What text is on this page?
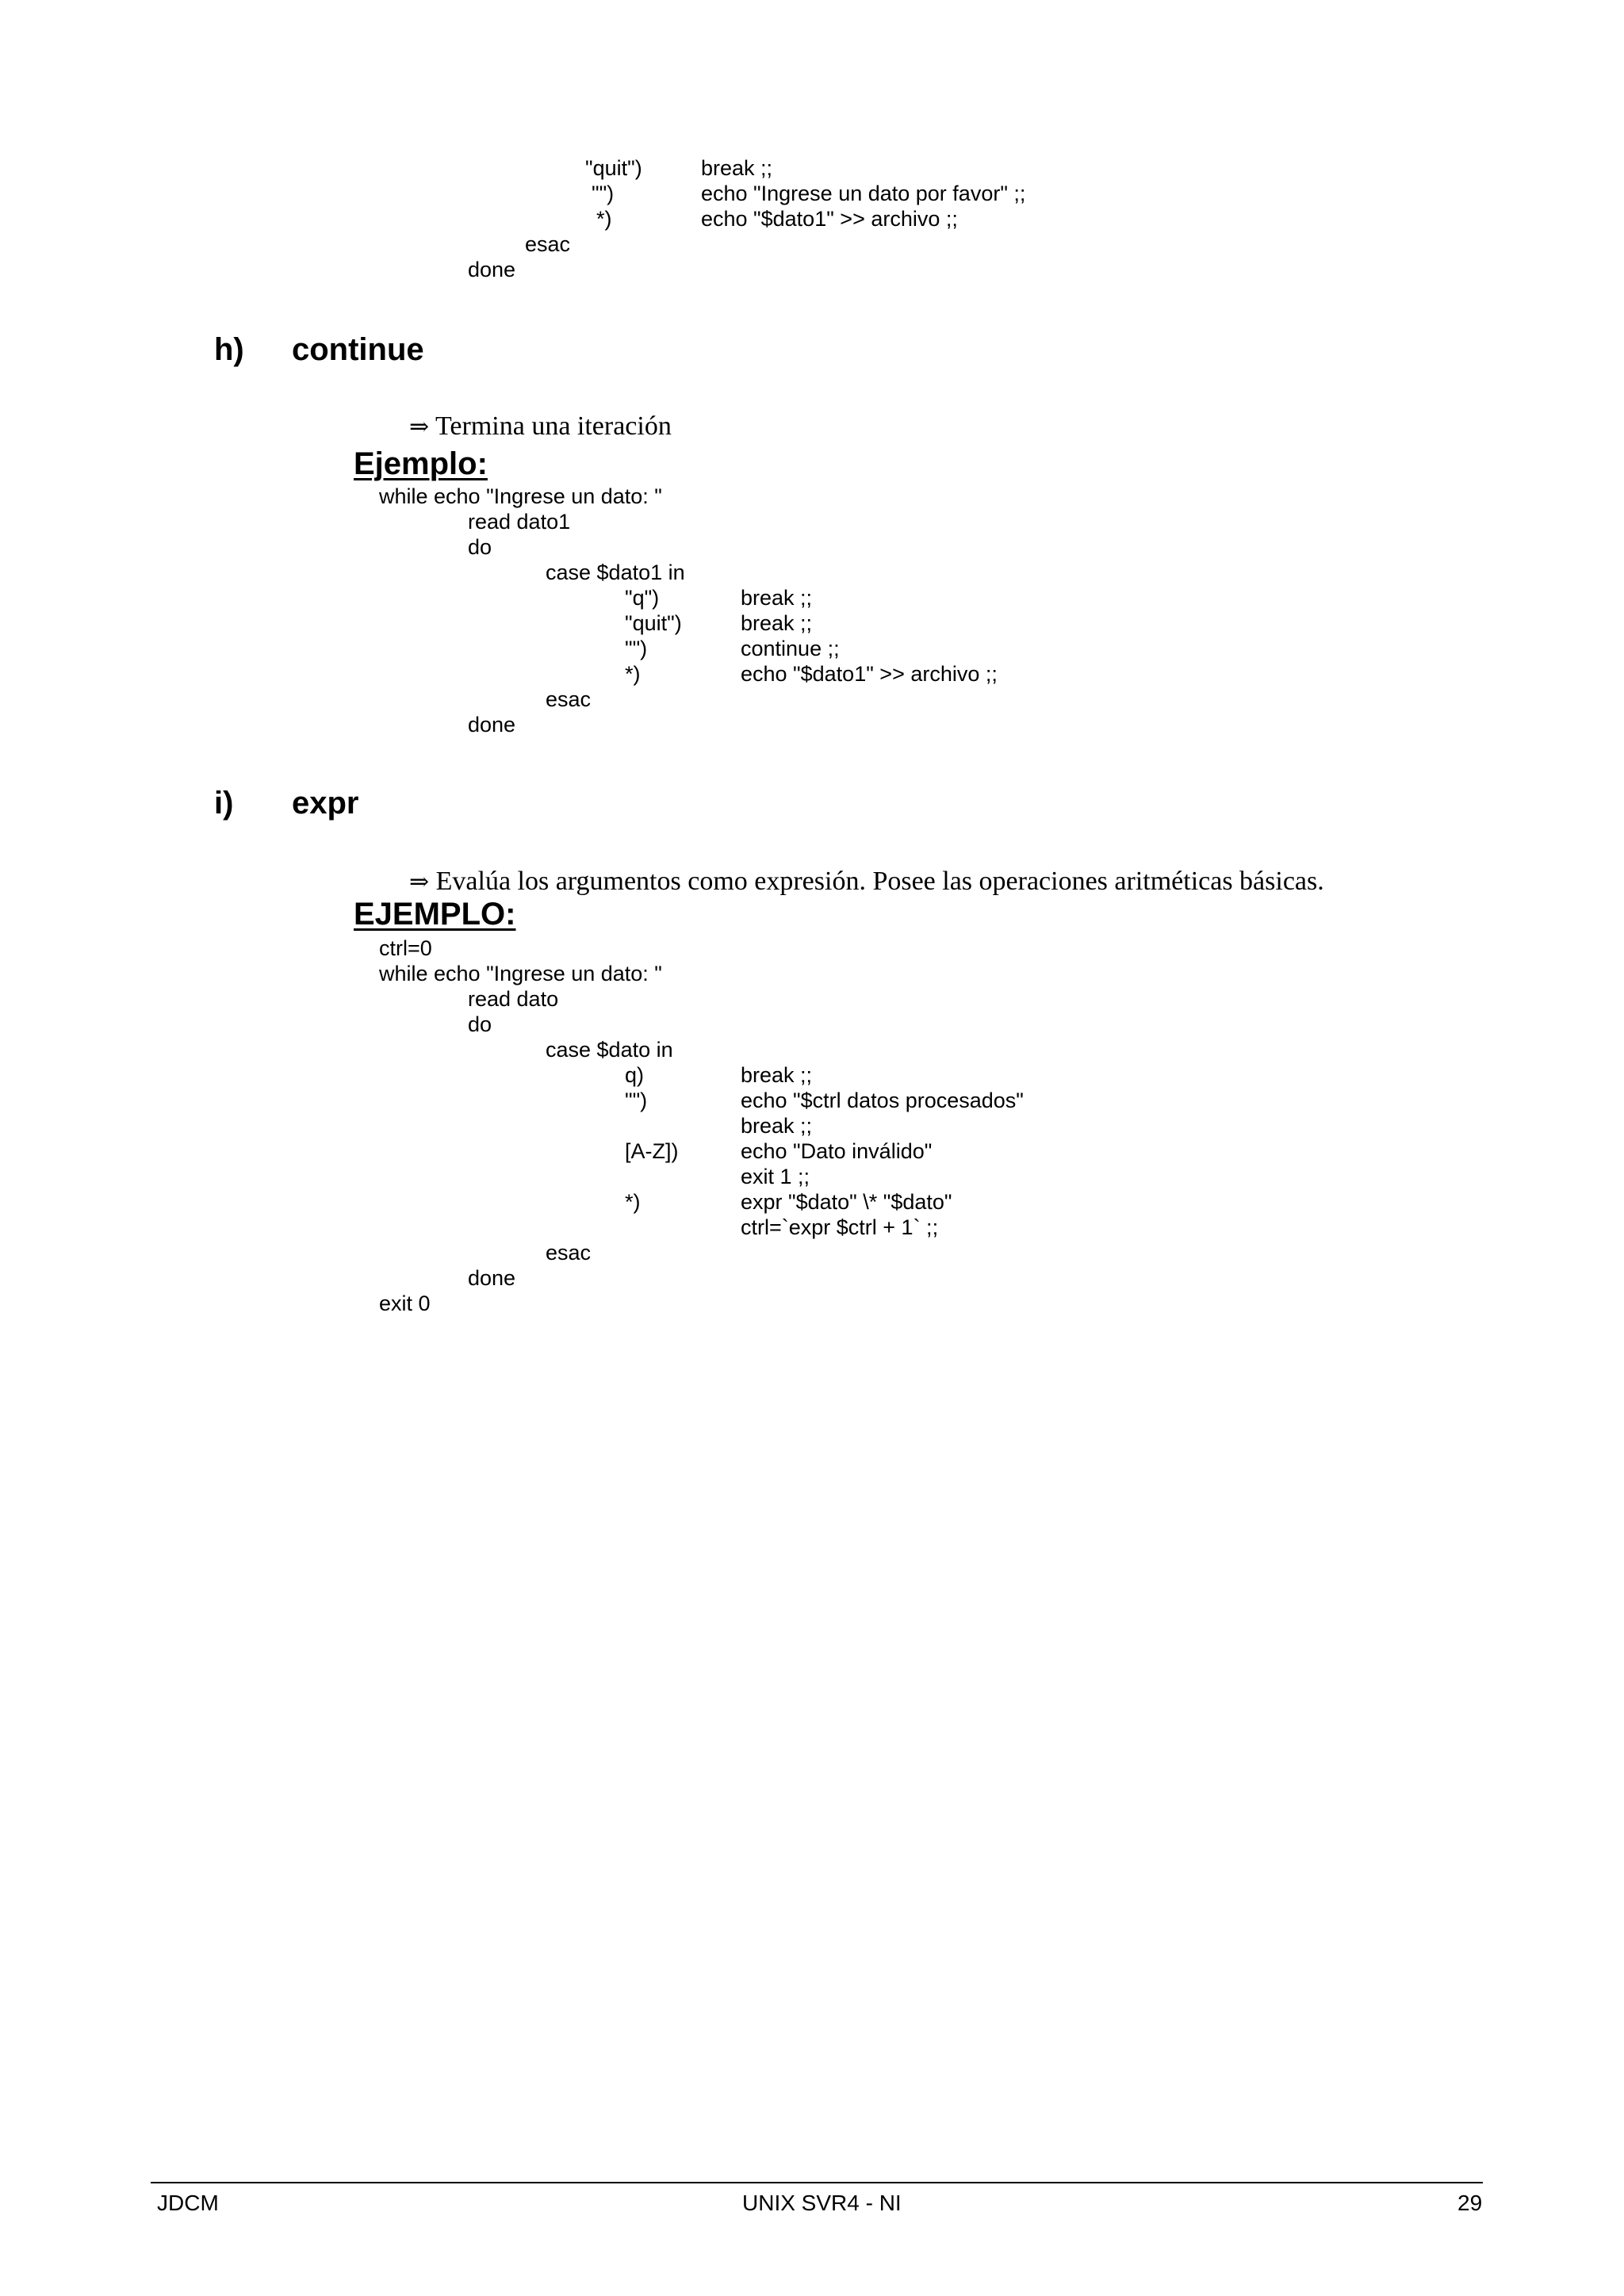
"quit")	break ;;
"")	echo "Ingrese un dato por favor" ;;
*)	echo "$dato1" >> archivo ;;
esac
done
h) continue

⇒ Termina una iteración

Ejemplo:
while echo "Ingrese un dato: "
read dato1
do
case $dato1 in
"q")	break ;;
"quit")	break ;;
"")	continue ;;
*)	echo "$dato1" >> archivo ;;
esac
done
i) expr

⇒ Evalúa los argumentos como expresión. Posee las operaciones aritméticas básicas.

EJEMPLO:
ctrl=0
while echo "Ingrese un dato: "
read dato
do
case $dato in
q)	break ;;
"")	echo "$ctrl datos procesados"
break ;;
[A-Z])	echo "Dato inválido"
exit 1 ;;
*)	expr "$dato" \* "$dato"
ctrl=`expr $ctrl + 1` ;;
esac
done
exit 0
JDCM	UNIX SVR4 - NI	29
